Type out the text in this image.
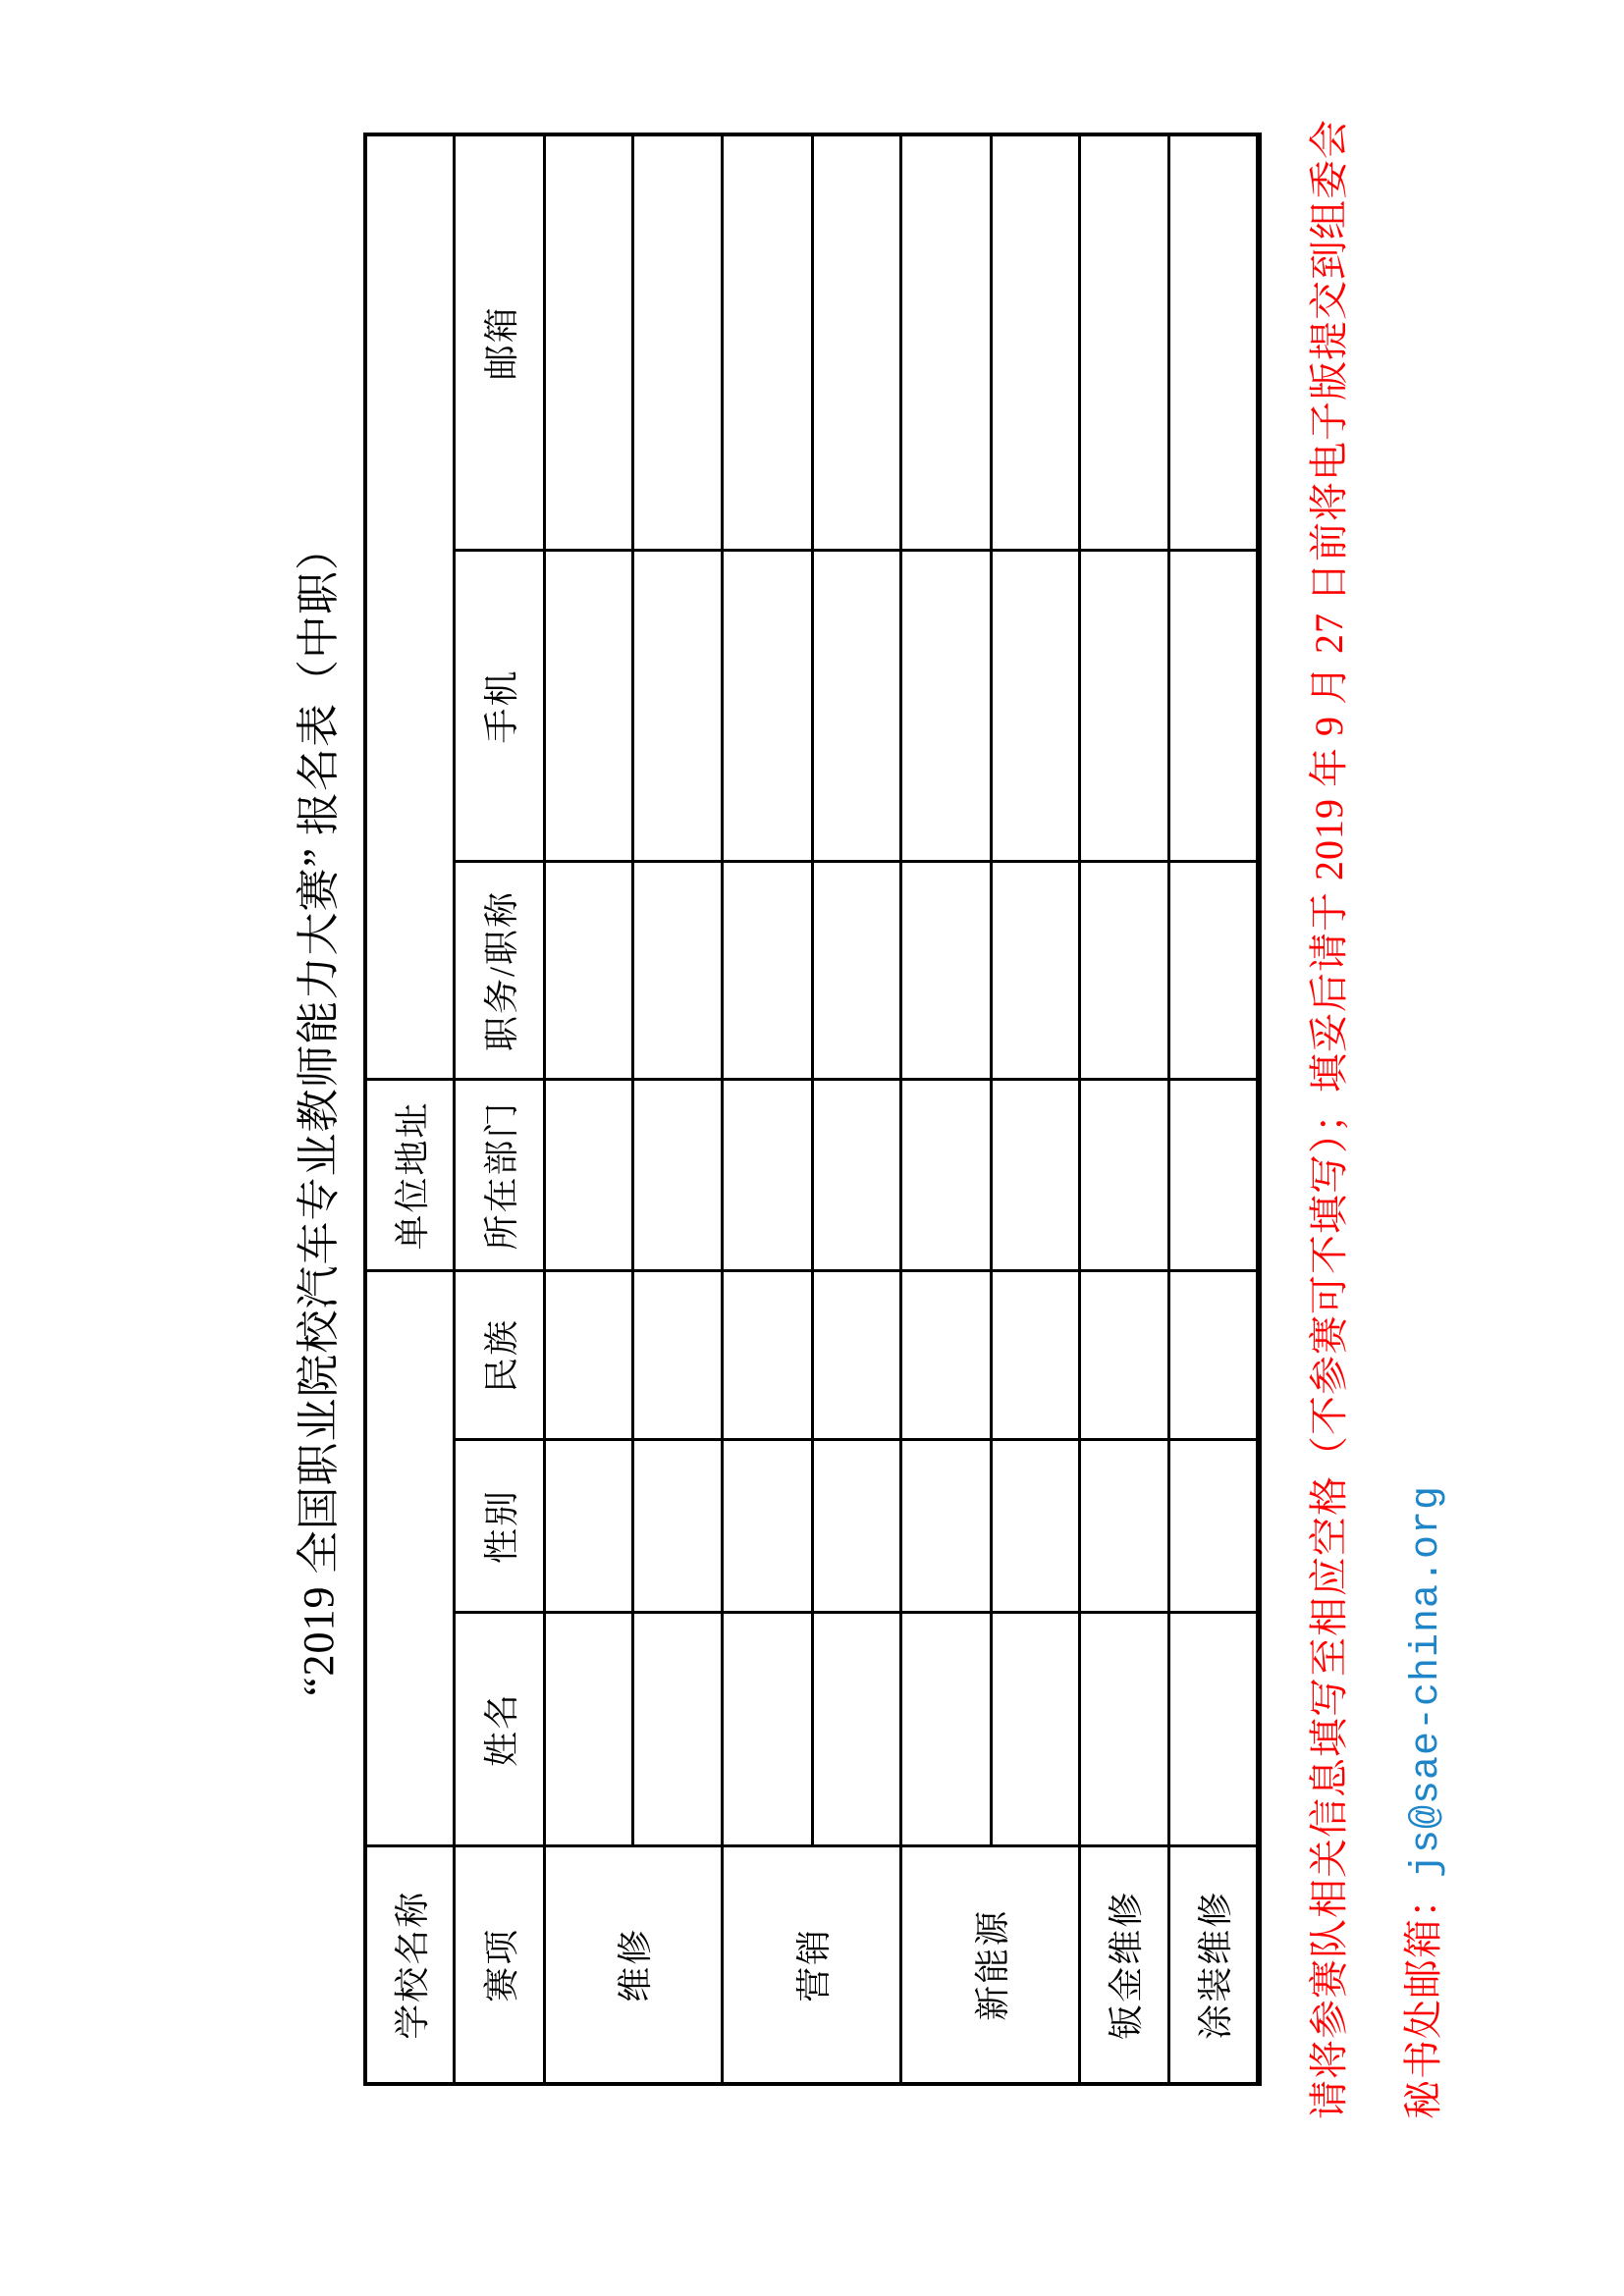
“2019 全国职业院校汽车专业教师能力大赛” 报名表（中职）
学校名称				单位地址			
赛项	姓名	性别	民族	所在部门	职务/职称	手机	邮箱
维修							

营销							

新能源							

钣金维修							
涂装维修							请将参赛队相关信息填写至相应空格（不参赛可不填写）；填妥后请于 2019 年 9 月 27 日前将电子版提交到组委会 秘书处邮箱：js@sae-china.org
